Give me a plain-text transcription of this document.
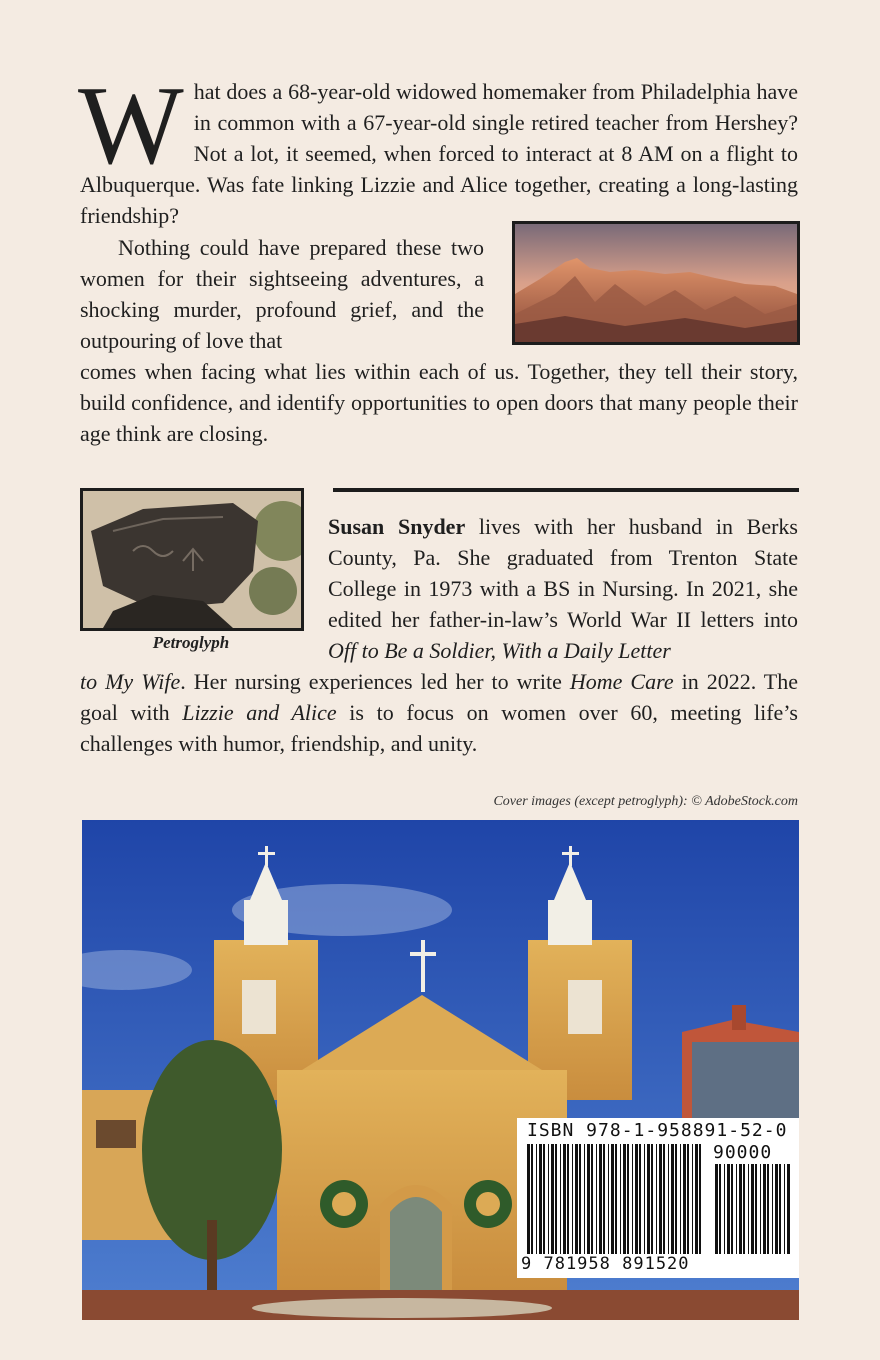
What does a 68-year-old widowed homemaker from Philadelphia have in common with a 67-year-old single retired teacher from Hershey? Not a lot, it seemed, when forced to interact at 8 AM on a flight to Albuquerque. Was fate linking Lizzie and Alice together, creating a long-lasting friendship?
Nothing could have prepared these two women for their sightseeing adventures, a shocking murder, profound grief, and the outpouring of love that
comes when facing what lies within each of us. Together, they tell their story, build confidence, and identify opportunities to open doors that many people their age think are closing.
Petroglyph
Susan Snyder lives with her husband in Berks County, Pa. She graduated from Trenton State College in 1973 with a BS in Nursing. In 2021, she edited her father-in-law’s World War II letters into Off to Be a Soldier, With a Daily Letter
to My Wife. Her nursing experiences led her to write Home Care in 2022. The goal with Lizzie and Alice is to focus on women over 60, meeting life’s challenges with humor, friendship, and unity.
Cover images (except petroglyph): © AdobeStock.com
ISBN 978-1-958891-52-0
90000
9 781958 891520
